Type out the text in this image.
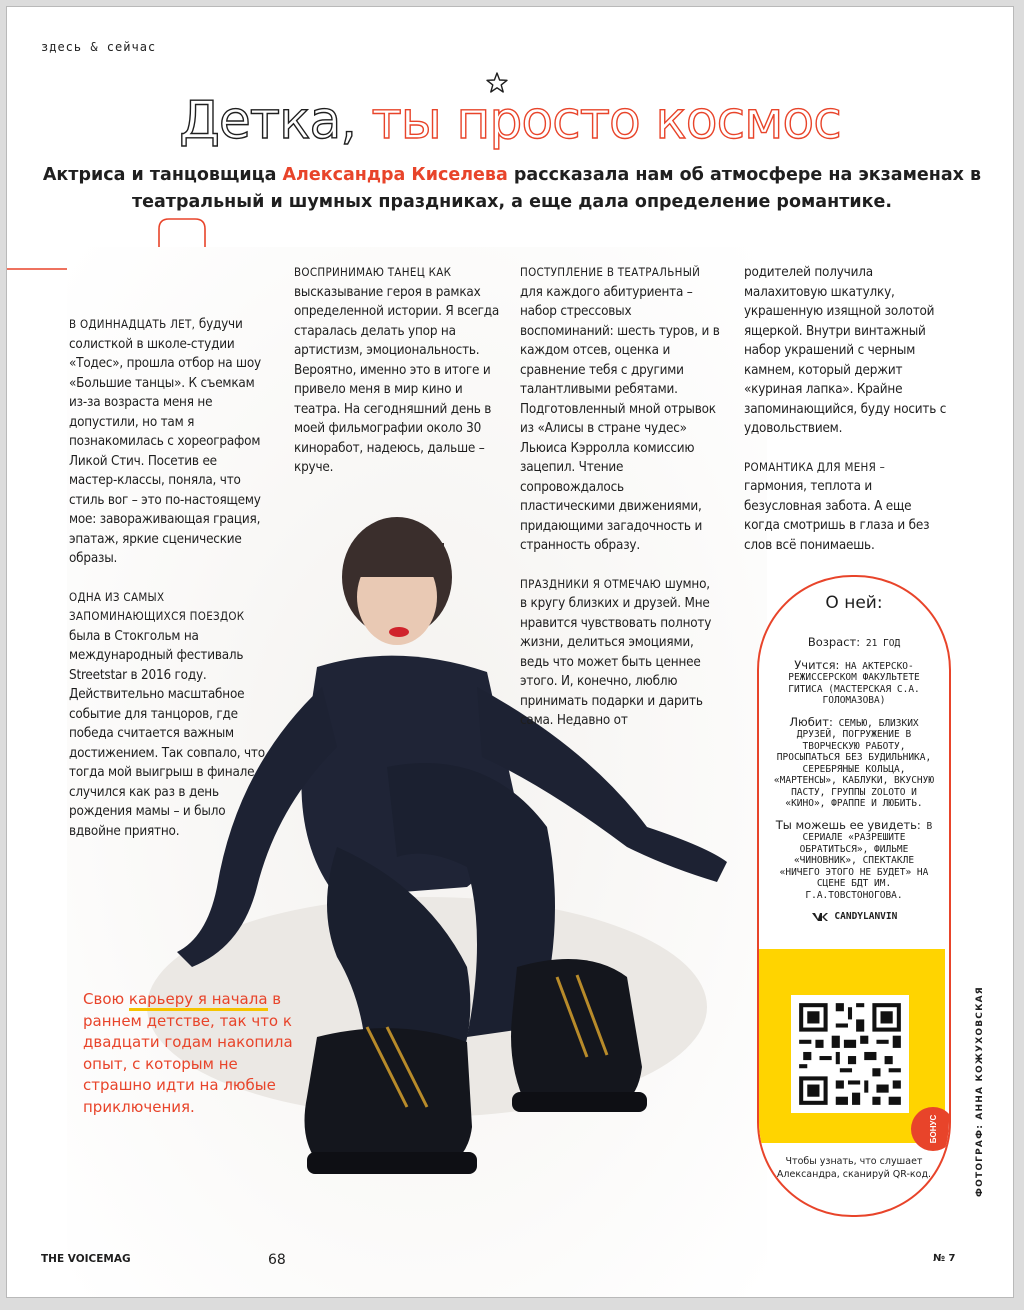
здесь & сейчас
Детка, ты просто космос
Актриса и танцовщица Александра Киселева рассказала нам об атмосфере на экзаменах в театральный и шумных праздниках, а еще дала определение романтике.

В ОДИННАДЦАТЬ ЛЕТ, будучи солисткой в школе-студии «Тодес», прошла отбор на шоу «Большие танцы». К съемкам из-за возраста меня не допустили, но там я познакомилась с хореографом Ликой Стич. Посетив ее мастер-классы, поняла, что стиль вог – это по-настоящему мое: завораживающая грация, эпатаж, яркие сценические образы.

ОДНА ИЗ САМЫХ ЗАПОМИНАЮЩИХСЯ ПОЕЗДОК была в Стокгольм на международный фестиваль Streetstar в 2016 году. Действительно масштабное событие для танцоров, где победа считается важным достижением. Так совпало, что тогда мой выигрыш в финале случился как раз в день рождения мамы – и было вдвойне приятно.

ВОСПРИНИМАЮ ТАНЕЦ КАК высказывание героя в рамках определенной истории. Я всегда старалась делать упор на артистизм, эмоциональность. Вероятно, именно это в итоге и привело меня в мир кино и театра. На сегодняшний день в моей фильмографии около 30 киноработ, надеюсь, дальше – круче.

ПОСТУПЛЕНИЕ В ТЕАТРАЛЬНЫЙ для каждого абитуриента – набор стрессовых воспоминаний: шесть туров, и в каждом отсев, оценка и сравнение тебя с другими талантливыми ребятами. Подготовленный мной отрывок из «Алисы в стране чудес» Льюиса Кэрролла комиссию зацепил. Чтение сопровождалось пластическими движениями, придающими загадочность и странность образу.

ПРАЗДНИКИ Я ОТМЕЧАЮ шумно, в кругу близких и друзей. Мне нравится чувствовать полноту жизни, делиться эмоциями, ведь что может быть ценнее этого. И, конечно, люблю принимать подарки и дарить сама. Недавно от

родителей получила малахитовую шкатулку, украшенную изящной золотой ящеркой. Внутри винтажный набор украшений с черным камнем, который держит «куриная лапка». Крайне запоминающийся, буду носить с удовольствием.

РОМАНТИКА ДЛЯ МЕНЯ – гармония, теплота и безусловная забота. А еще когда смотришь в глаза и без слов всё понимаешь.

Свою карьеру я начала в раннем детстве, так что к двадцати годам накопила опыт, с которым не страшно идти на любые приключения.
О ней:
Возраст: 21 ГОД
Учится: НА АКТЕРСКО-РЕЖИССЕРСКОМ ФАКУЛЬТЕТЕ ГИТИСА (МАСТЕРСКАЯ С.А. ГОЛОМАЗОВА)
Любит: СЕМЬЮ, БЛИЗКИХ ДРУЗЕЙ, ПОГРУЖЕНИЕ В ТВОРЧЕСКУЮ РАБОТУ, ПРОСЫПАТЬСЯ БЕЗ БУДИЛЬНИКА, СЕРЕБРЯНЫЕ КОЛЬЦА, «МАРТЕНСЫ», КАБЛУКИ, ВКУСНУЮ ПАСТУ, ГРУППЫ ZOLOTO И «КИНО», ФРАППЕ И ЛЮБИТЬ.
Ты можешь ее увидеть: В СЕРИАЛЕ «РАЗРЕШИТЕ ОБРАТИТЬСЯ», ФИЛЬМЕ «ЧИНОВНИК», СПЕКТАКЛЕ «НИЧЕГО ЭТОГО НЕ БУДЕТ» НА СЦЕНЕ БДТ ИМ. Г.А.ТОВСТОНОГОВА.
CANDYLANVIN
БОНУС
Чтобы узнать, что слушает Александра, сканируй QR-код.	ФОТОГРАФ: АННА КОЖУХОВСКАЯ
THE VOICEMAG	68	№ 7
